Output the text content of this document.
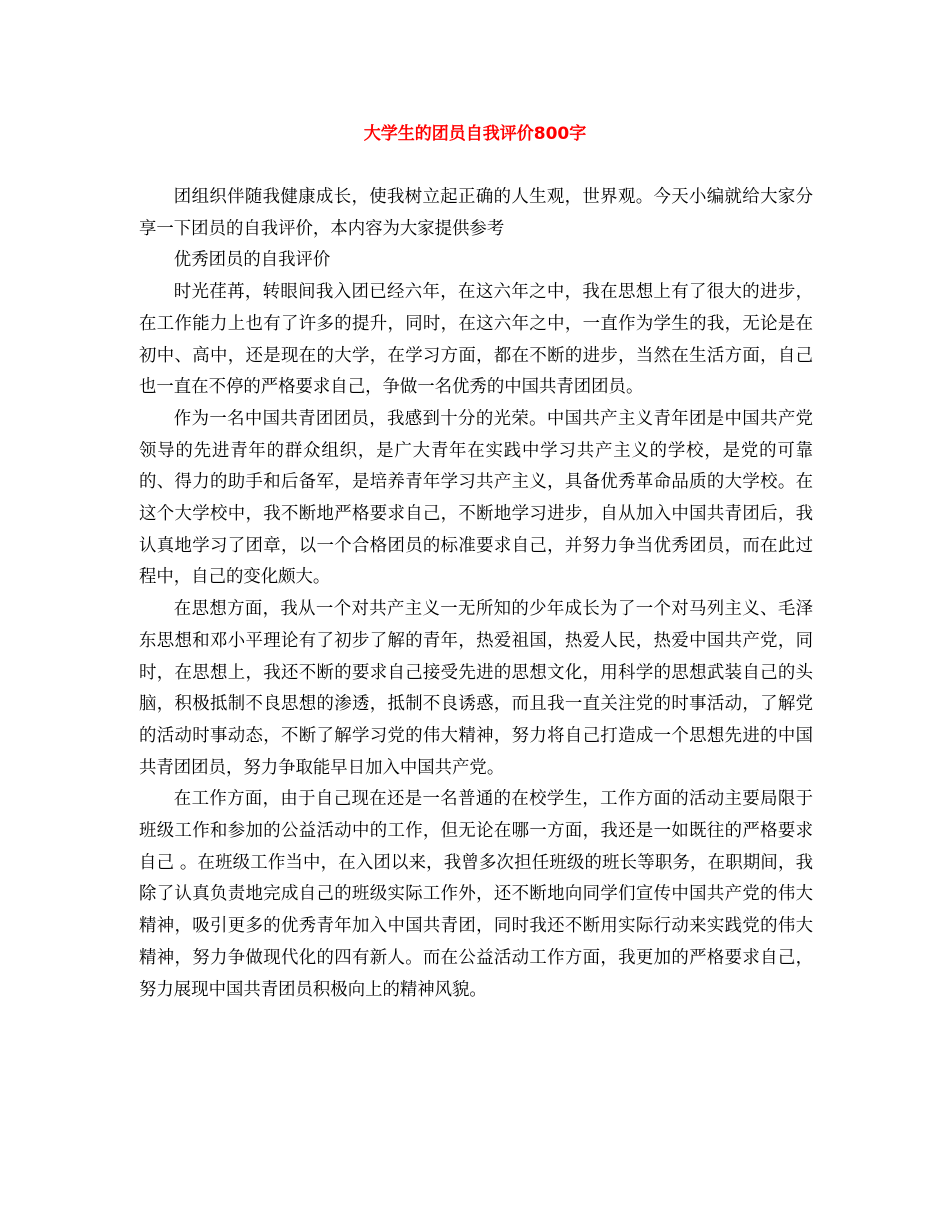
大学生的团员自我评价800字

团组织伴随我健康成长，使我树立起正确的人生观，世界观。今天小编就给大家分享一下团员的自我评价，本内容为大家提供参考

优秀团员的自我评价

时光荏苒，转眼间我入团已经六年，在这六年之中，我在思想上有了很大的进步，在工作能力上也有了许多的提升，同时，在这六年之中，一直作为学生的我，无论是在初中、高中，还是现在的大学，在学习方面，都在不断的进步，当然在生活方面，自己也一直在不停的严格要求自己，争做一名优秀的中国共青团团员。

作为一名中国共青团团员，我感到十分的光荣。中国共产主义青年团是中国共产党领导的先进青年的群众组织，是广大青年在实践中学习共产主义的学校，是党的可靠的、得力的助手和后备军，是培养青年学习共产主义，具备优秀革命品质的大学校。在这个大学校中，我不断地严格要求自己，不断地学习进步，自从加入中国共青团后，我认真地学习了团章，以一个合格团员的标准要求自己，并努力争当优秀团员，而在此过程中，自己的变化颇大。

在思想方面，我从一个对共产主义一无所知的少年成长为了一个对马列主义、毛泽东思想和邓小平理论有了初步了解的青年，热爱祖国，热爱人民，热爱中国共产党，同时，在思想上，我还不断的要求自己接受先进的思想文化，用科学的思想武装自己的头脑，积极抵制不良思想的渗透，抵制不良诱惑，而且我一直关注党的时事活动，了解党的活动时事动态，不断了解学习党的伟大精神，努力将自己打造成一个思想先进的中国共青团团员，努力争取能早日加入中国共产党。

在工作方面，由于自己现在还是一名普通的在校学生，工作方面的活动主要局限于班级工作和参加的公益活动中的工作，但无论在哪一方面，我还是一如既往的严格要求自己 。在班级工作当中，在入团以来，我曾多次担任班级的班长等职务，在职期间，我除了认真负责地完成自己的班级实际工作外，还不断地向同学们宣传中国共产党的伟大精神，吸引更多的优秀青年加入中国共青团，同时我还不断用实际行动来实践党的伟大精神，努力争做现代化的四有新人。而在公益活动工作方面，我更加的严格要求自己，努力展现中国共青团员积极向上的精神风貌。
